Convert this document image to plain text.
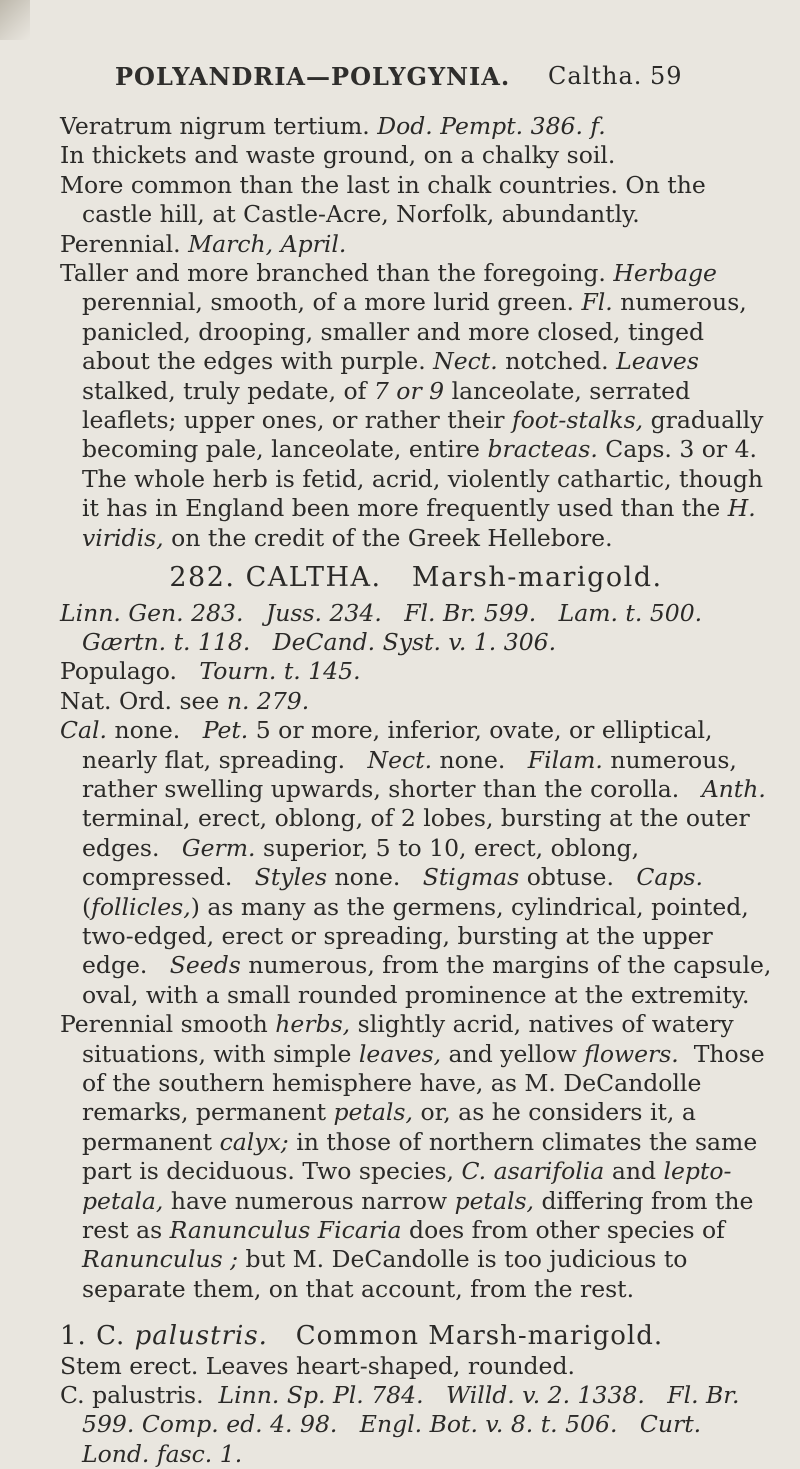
POLYANDRIA—POLYGYNIA. Caltha. 59

Veratrum nigrum tertium. Dod. Pempt. 386. f.

In thickets and waste ground, on a chalky soil.

More common than the last in chalk countries. On the castle hill, at Castle-Acre, Norfolk, abundantly.

Perennial. March, April.

Taller and more branched than the foregoing. Herbage perennial, smooth, of a more lurid green. Fl. numerous, panicled, drooping, smaller and more closed, tinged about the edges with purple. Nect. notched. Leaves stalked, truly pedate, of 7 or 9 lanceolate, serrated leaflets; upper ones, or rather their foot-stalks, gradually becoming pale, lanceolate, entire bracteas. Caps. 3 or 4. The whole herb is fetid, acrid, violently cathartic, though it has in England been more frequently used than the H. viridis, on the credit of the Greek Hellebore.

282. CALTHA. Marsh-marigold.

Linn. Gen. 283. Juss. 234. Fl. Br. 599. Lam. t. 500.   Gærtn. t. 118. DeCand. Syst. v. 1. 306.

Populago. Tourn. t. 145.

Nat. Ord. see n. 279.

Cal. none. Pet. 5 or more, inferior, ovate, or elliptical, nearly flat, spreading. Nect. none. Filam. numerous, rather swelling upwards, shorter than the corolla. Anth. terminal, erect, oblong, of 2 lobes, bursting at the outer edges. Germ. superior, 5 to 10, erect, oblong, compressed. Styles none. Stigmas obtuse. Caps. (follicles,) as many as the germens, cylindrical, pointed, two-edged, erect or spreading, bursting at the upper edge. Seeds numerous, from the margins of the capsule, oval, with a small rounded prominence at the extremity.

Perennial smooth herbs, slightly acrid, natives of watery situations, with simple leaves, and yellow flowers. Those of the southern hemisphere have, as M. DeCandolle remarks, permanent petals, or, as he considers it, a permanent calyx; in those of northern climates the same part is deciduous. Two species, C. asarifolia and lepto-petala, have numerous narrow petals, differing from the rest as Ranunculus Ficaria does from other species of Ranunculus ; but M. DeCandolle is too judicious to separate them, on that account, from the rest.

1. C. palustris. Common Marsh-marigold.

Stem erect. Leaves heart-shaped, rounded.

C. palustris. Linn. Sp. Pl. 784. Willd. v. 2. 1338. Fl. Br. 599. Comp. ed. 4. 98. Engl. Bot. v. 8. t. 506. Curt. Lond. fasc. 1.
